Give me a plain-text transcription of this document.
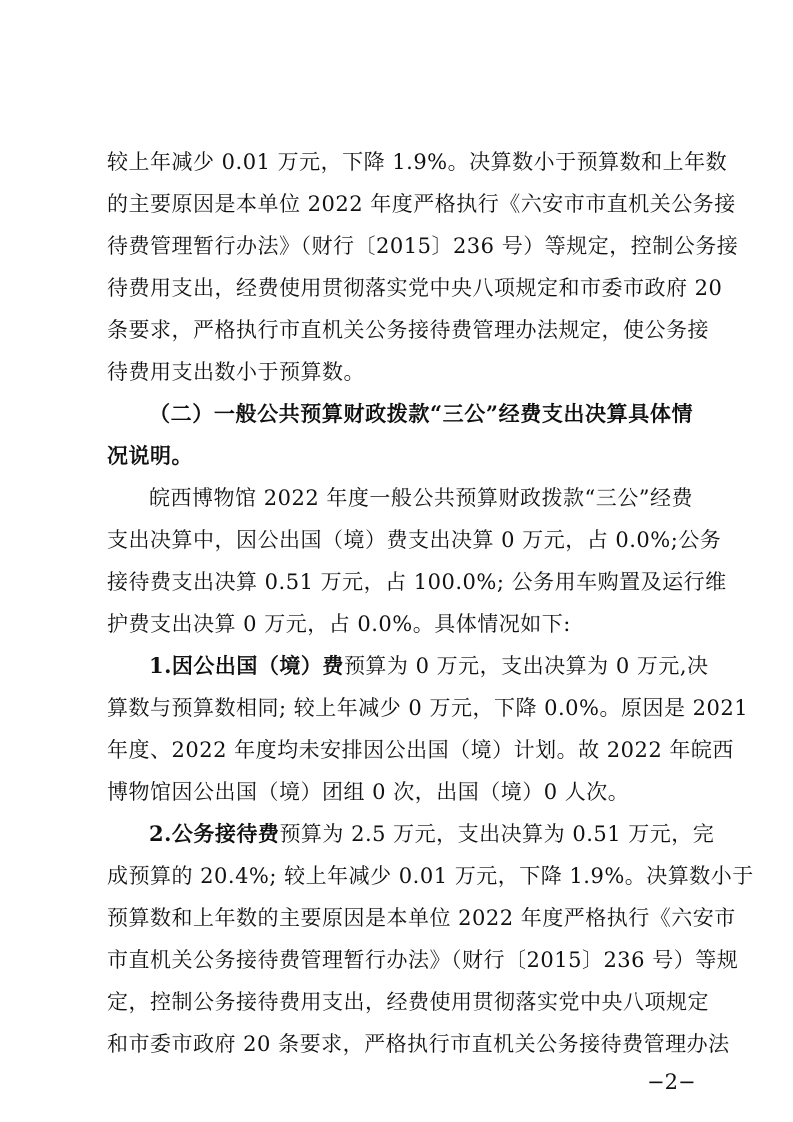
较上年减少 0.01 万元，下降 1.9%。决算数小于预算数和上年数
的主要原因是本单位 2022 年度严格执行《六安市市直机关公务接
待费管理暂行办法》（财行〔2015〕236 号）等规定，控制公务接
待费用支出，经费使用贯彻落实党中央八项规定和市委市政府 20
条要求，严格执行市直机关公务接待费管理办法规定，使公务接
待费用支出数小于预算数。
（二）一般公共预算财政拨款“三公”经费支出决算具体情
况说明。
皖西博物馆 2022 年度一般公共预算财政拨款“三公”经费
支出决算中，因公出国（境）费支出决算 0 万元，占 0.0%;公务
接待费支出决算 0.51 万元，占 100.0%; 公务用车购置及运行维
护费支出决算 0 万元，占 0.0%。具体情况如下:
1.因公出国（境）费预算为 0 万元，支出决算为 0 万元,决
算数与预算数相同; 较上年减少 0 万元，下降 0.0%。原因是 2021
年度、2022 年度均未安排因公出国（境）计划。故 2022 年皖西
博物馆因公出国（境）团组 0 次，出国（境）0 人次。
2.公务接待费预算为 2.5 万元，支出决算为 0.51 万元，完
成预算的 20.4%; 较上年减少 0.01 万元，下降 1.9%。决算数小于
预算数和上年数的主要原因是本单位 2022 年度严格执行《六安市
市直机关公务接待费管理暂行办法》（财行〔2015〕236 号）等规
定，控制公务接待费用支出，经费使用贯彻落实党中央八项规定
和市委市政府 20 条要求，严格执行市直机关公务接待费管理办法
−2−
